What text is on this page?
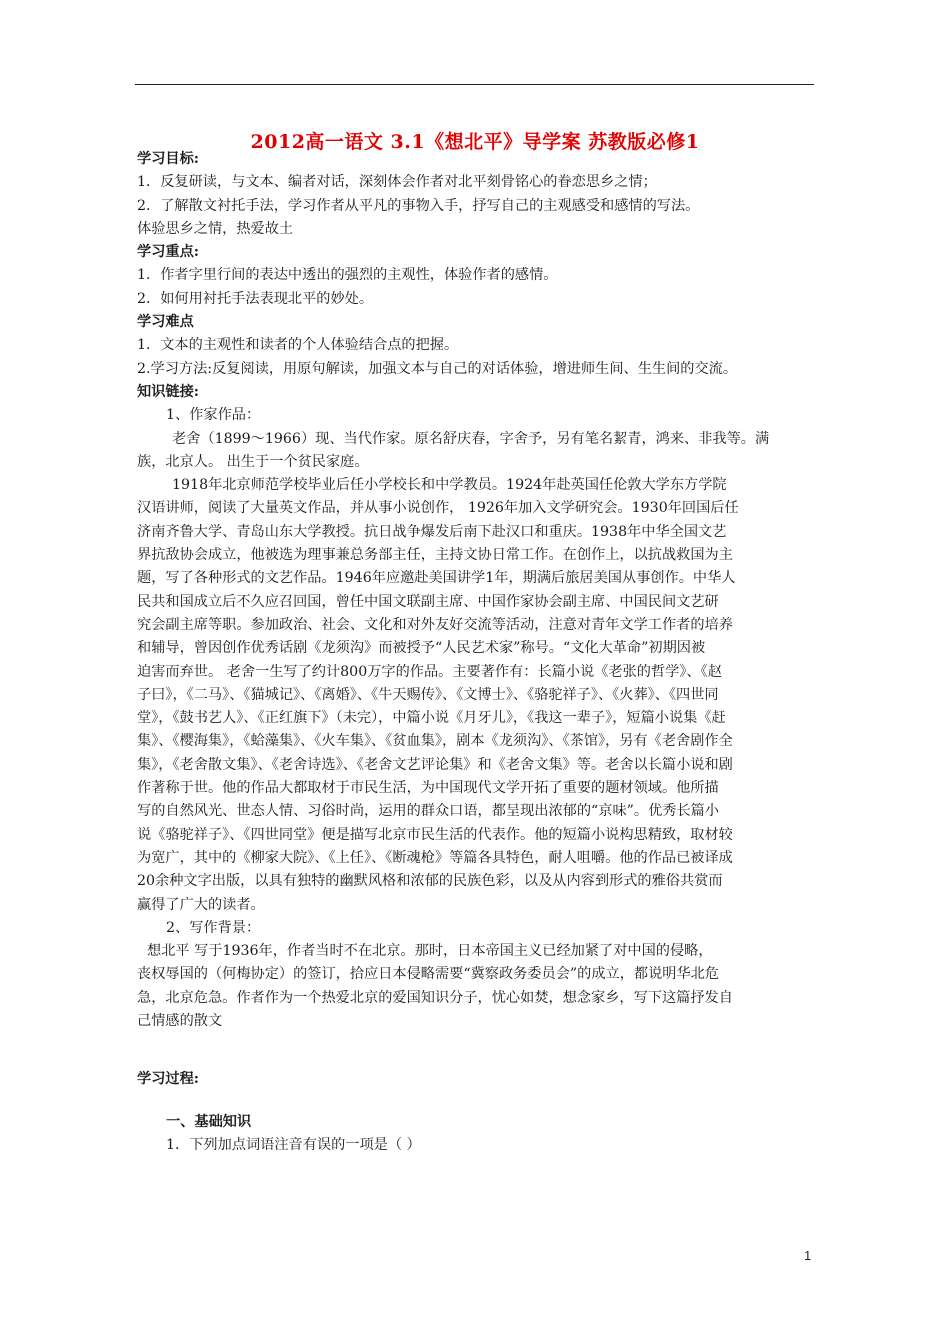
2012高一语文 3.1《想北平》导学案 苏教版必修1
学习目标:
1．反复研读，与文本、编者对话，深刻体会作者对北平刻骨铭心的眷恋思乡之情；
2．了解散文衬托手法，学习作者从平凡的事物入手，抒写自己的主观感受和感情的写法。
体验思乡之情，热爱故土
学习重点:
1．作者字里行间的表达中透出的强烈的主观性，体验作者的感情。
2．如何用衬托手法表现北平的妙处。
学习难点
1．文本的主观性和读者的个人体验结合点的把握。
2.学习方法:反复阅读，用原句解读，加强文本与自己的对话体验，增进师生间、生生间的交流。
知识链接:
1、作家作品：
老舍（1899～1966）现、当代作家。原名舒庆春，字舍予，另有笔名絜青，鸿来、非我等。满
族，北京人。 出生于一个贫民家庭。
1918年北京师范学校毕业后任小学校长和中学教员。1924年赴英国任伦敦大学东方学院
汉语讲师，阅读了大量英文作品，并从事小说创作， 1926年加入文学研究会。1930年回国后任
济南齐鲁大学、青岛山东大学教授。抗日战争爆发后南下赴汉口和重庆。1938年中华全国文艺
界抗敌协会成立，他被选为理事兼总务部主任，主持文协日常工作。在创作上，以抗战救国为主
题，写了各种形式的文艺作品。1946年应邀赴美国讲学1年，期满后旅居美国从事创作。中华人
民共和国成立后不久应召回国，曾任中国文联副主席、中国作家协会副主席、中国民间文艺研
究会副主席等职。参加政治、社会、文化和对外友好交流等活动，注意对青年文学工作者的培养
和辅导，曾因创作优秀话剧《龙须沟》而被授予“人民艺术家”称号。“文化大革命”初期因被
迫害而弃世。 老舍一生写了约计800万字的作品。主要著作有：长篇小说《老张的哲学》、《赵
子曰》，《二马》、《猫城记》、《离婚》、《牛天赐传》、《文博士》、《骆驼祥子》、《火葬》、《四世同
堂》，《鼓书艺人》、《正红旗下》（未完），中篇小说《月牙儿》，《我这一辈子》，短篇小说集《赶
集》、《樱海集》，《蛤藻集》、《火车集》、《贫血集》，剧本《龙须沟》、《茶馆》，另有《老舍剧作全
集》，《老舍散文集》、《老舍诗选》、《老舍文艺评论集》和《老舍文集》等。老舍以长篇小说和剧
作著称于世。他的作品大都取材于市民生活，为中国现代文学开拓了重要的题材领域。他所描
写的自然风光、世态人情、习俗时尚，运用的群众口语，都呈现出浓郁的“京味”。优秀长篇小
说《骆驼祥子》、《四世同堂》便是描写北京市民生活的代表作。他的短篇小说构思精致，取材较
为宽广，其中的《柳家大院》、《上任》、《断魂枪》等篇各具特色，耐人咀嚼。他的作品已被译成
20余种文字出版，以具有独特的幽默风格和浓郁的民族色彩，以及从内容到形式的雅俗共赏而
赢得了广大的读者。
2、写作背景：
想北平 写于1936年，作者当时不在北京。那时，日本帝国主义已经加紧了对中国的侵略，
丧权辱国的（何梅协定）的签订，拾应日本侵略需要“冀察政务委员会”的成立，都说明华北危
急，北京危急。作者作为一个热爱北京的爱国知识分子，忧心如焚，想念家乡，写下这篇抒发自
己情感的散文
学习过程:
一、基础知识
1．下列加点词语注音有误的一项是（ ）
1
